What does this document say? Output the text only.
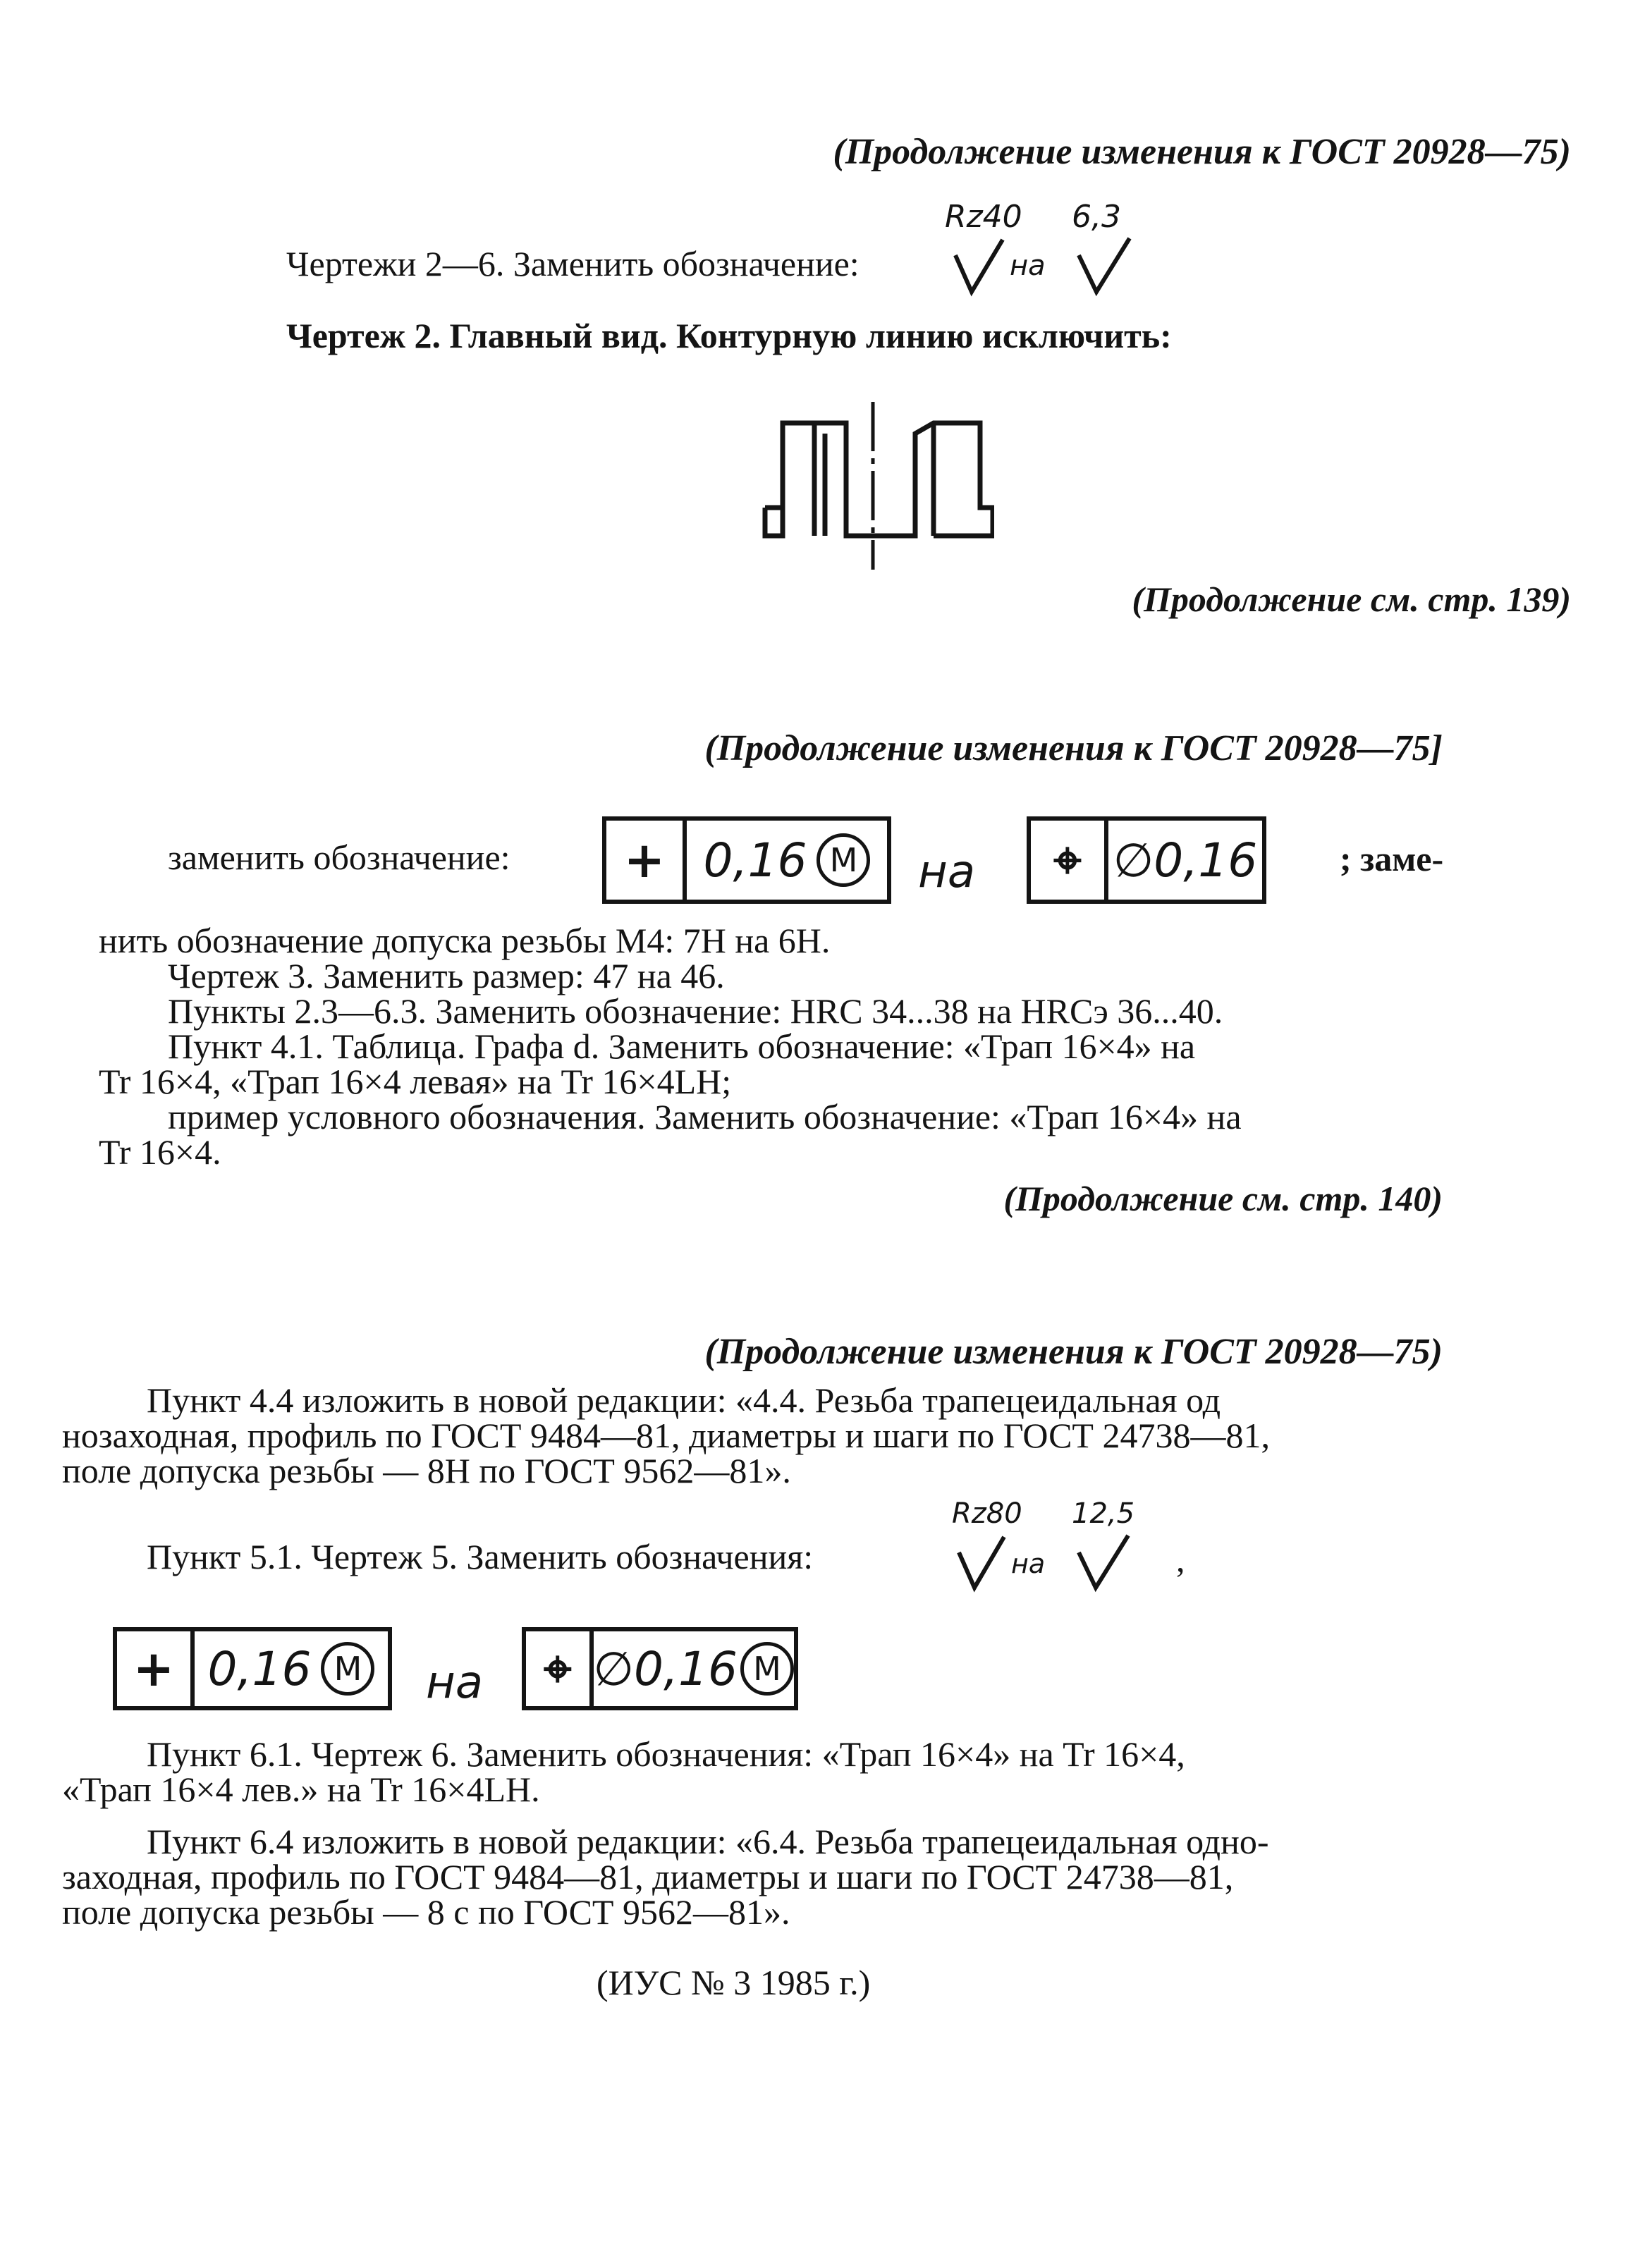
(Продолжение изменения к ГОСТ 20928—75)
Чертежи 2—6. Заменить обозначение:
Rz40 6,3
на
Чертеж 2. Главный вид. Контурную линию исключить:
(Продолжение см. стр. 139)
(Продолжение изменения к ГОСТ 20928—75]
заменить обозначение: + 0,16 M на ⌖ ∅0,16 ; заме-
нить обозначение допуска резьбы М4: 7Н на 6Н.
Чертеж 3. Заменить размер: 47 на 46.
Пункты 2.3—6.3. Заменить обозначение: HRC 34...38 на HRCэ 36...40.
Пункт 4.1. Таблица. Графа d. Заменить обозначение: «Трап 16×4» на
Tr 16×4, «Трап 16×4 левая» на Tr 16×4LH;
пример условного обозначения. Заменить обозначение: «Трап 16×4» на
Tr 16×4.
(Продолжение см. стр. 140)
(Продолжение изменения к ГОСТ 20928—75)
Пункт 4.4 изложить в новой редакции: «4.4. Резьба трапецеидальная од
нозаходная, профиль по ГОСТ 9484—81, диаметры и шаги по ГОСТ 24738—81,
поле допуска резьбы — 8Н по ГОСТ 9562—81».
Пункт 5.1. Чертеж 5. Заменить обозначения:
Rz80 12,5
на	,
+ 0,16 M на ⌖ ∅0,16 M
Пункт 6.1. Чертеж 6. Заменить обозначения: «Трап 16×4» на Tr 16×4,
«Трап 16×4 лев.» на Tr 16×4LH.
Пункт 6.4 изложить в новой редакции: «6.4. Резьба трапецеидальная одно-
заходная, профиль по ГОСТ 9484—81, диаметры и шаги по ГОСТ 24738—81,
поле допуска резьбы — 8 с по ГОСТ 9562—81».
(ИУС № 3 1985 г.)
